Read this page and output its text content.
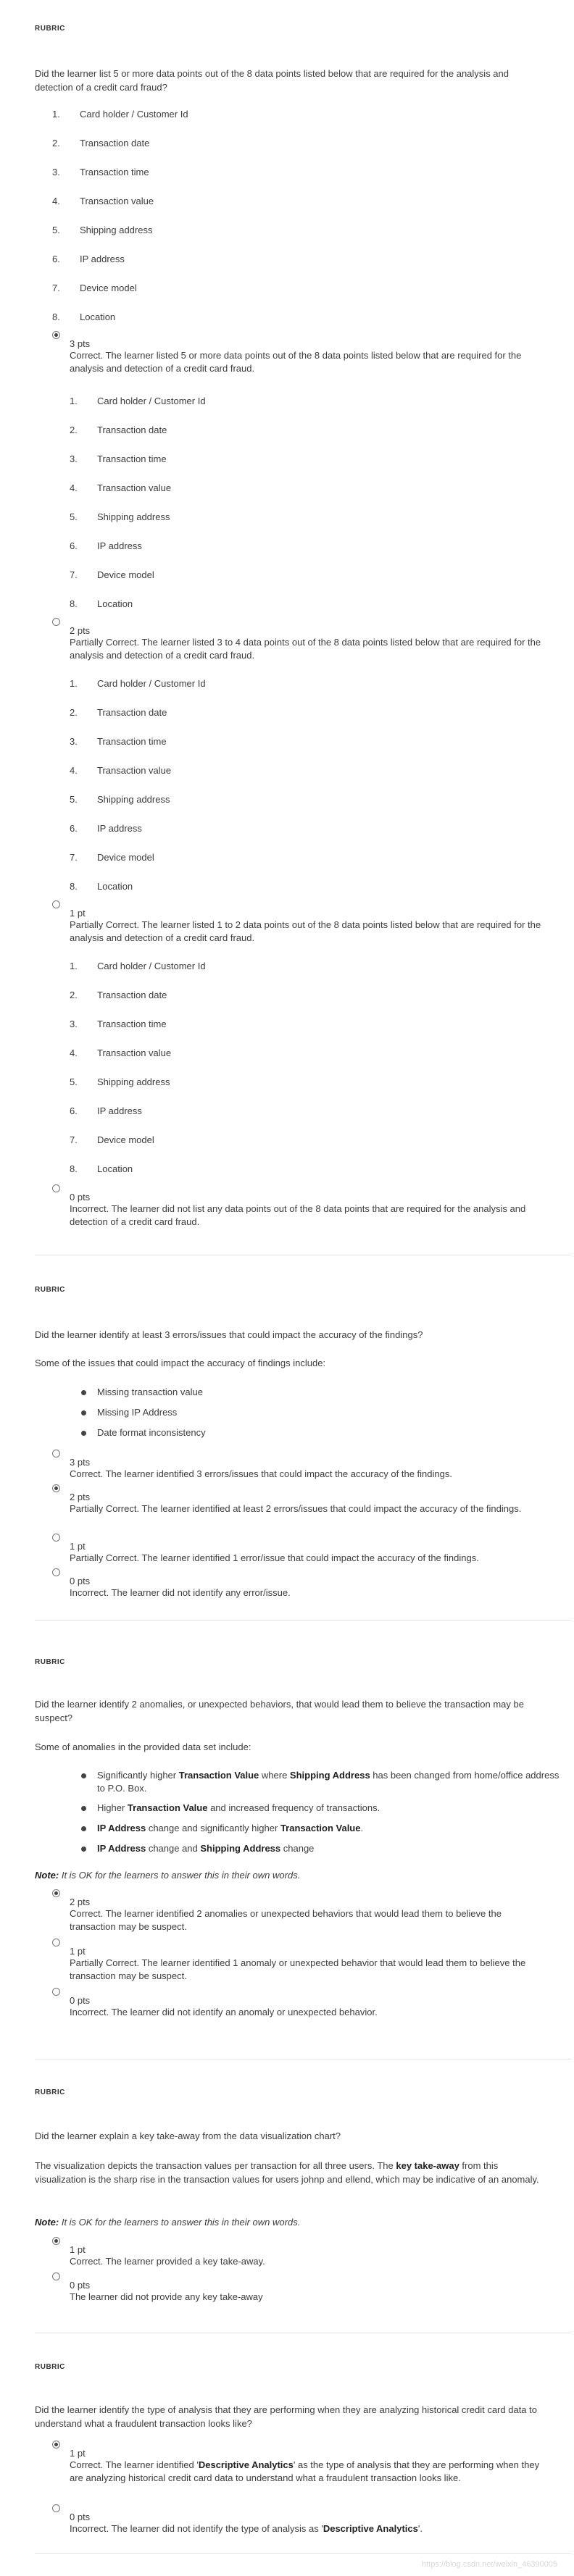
RUBRIC
Did the learner list 5 or more data points out of the 8 data points listed below that are required for the analysis and detection of a credit card fraud?
1.	Card holder / Customer Id
2.	Transaction date
3.	Transaction time
4.	Transaction value
5.	Shipping address
6.	IP address
7.	Device model
8.	Location
3 pts
Correct. The learner listed 5 or more data points out of the 8 data points listed below that are required for the analysis and detection of a credit card fraud.
1.	Card holder / Customer Id
2.	Transaction date
3.	Transaction time
4.	Transaction value
5.	Shipping address
6.	IP address
7.	Device model
8.	Location
2 pts
Partially Correct. The learner listed 3 to 4 data points out of the 8 data points listed below that are required for the analysis and detection of a credit card fraud.
1.	Card holder / Customer Id
2.	Transaction date
3.	Transaction time
4.	Transaction value
5.	Shipping address
6.	IP address
7.	Device model
8.	Location
1 pt
Partially Correct. The learner listed 1 to 2 data points out of the 8 data points listed below that are required for the analysis and detection of a credit card fraud.
1.	Card holder / Customer Id
2.	Transaction date
3.	Transaction time
4.	Transaction value
5.	Shipping address
6.	IP address
7.	Device model
8.	Location
0 pts
Incorrect. The learner did not list any data points out of the 8 data points that are required for the analysis and detection of a credit card fraud.
RUBRIC
Did the learner identify at least 3 errors/issues that could impact the accuracy of the findings?
Some of the issues that could impact the accuracy of findings include:
Missing transaction value
Missing IP Address
Date format inconsistency
3 pts
Correct. The learner identified 3 errors/issues that could impact the accuracy of the findings.
2 pts
Partially Correct. The learner identified at least 2 errors/issues that could impact the accuracy of the findings.
1 pt
Partially Correct. The learner identified 1 error/issue that could impact the accuracy of the findings.
0 pts
Incorrect. The learner did not identify any error/issue.
RUBRIC
Did the learner identify 2 anomalies, or unexpected behaviors, that would lead them to believe the transaction may be suspect?
Some of anomalies in the provided data set include:
Significantly higher Transaction Value where Shipping Address has been changed from home/office address to P.O. Box.
Higher Transaction Value and increased frequency of transactions.
IP Address change and significantly higher Transaction Value.
IP Address change and Shipping Address change
Note: It is OK for the learners to answer this in their own words.
2 pts
Correct. The learner identified 2 anomalies or unexpected behaviors that would lead them to believe the transaction may be suspect.
1 pt
Partially Correct. The learner identified 1 anomaly or unexpected behavior that would lead them to believe the transaction may be suspect.
0 pts
Incorrect. The learner did not identify an anomaly or unexpected behavior.
RUBRIC
Did the learner explain a key take-away from the data visualization chart?
The visualization depicts the transaction values per transaction for all three users. The key take-away from this visualization is the sharp rise in the transaction values for users johnp and ellend, which may be indicative of an anomaly.
Note: It is OK for the learners to answer this in their own words.
1 pt
Correct. The learner provided a key take-away.
0 pts
The learner did not provide any key take-away
RUBRIC
Did the learner identify the type of analysis that they are performing when they are analyzing historical credit card data to understand what a fraudulent transaction looks like?
1 pt
Correct. The learner identified 'Descriptive Analytics' as the type of analysis that they are performing when they are analyzing historical credit card data to understand what a fraudulent transaction looks like.
0 pts
Incorrect. The learner did not identify the type of analysis as 'Descriptive Analytics'.
https://blog.csdn.net/weixin_46390005
